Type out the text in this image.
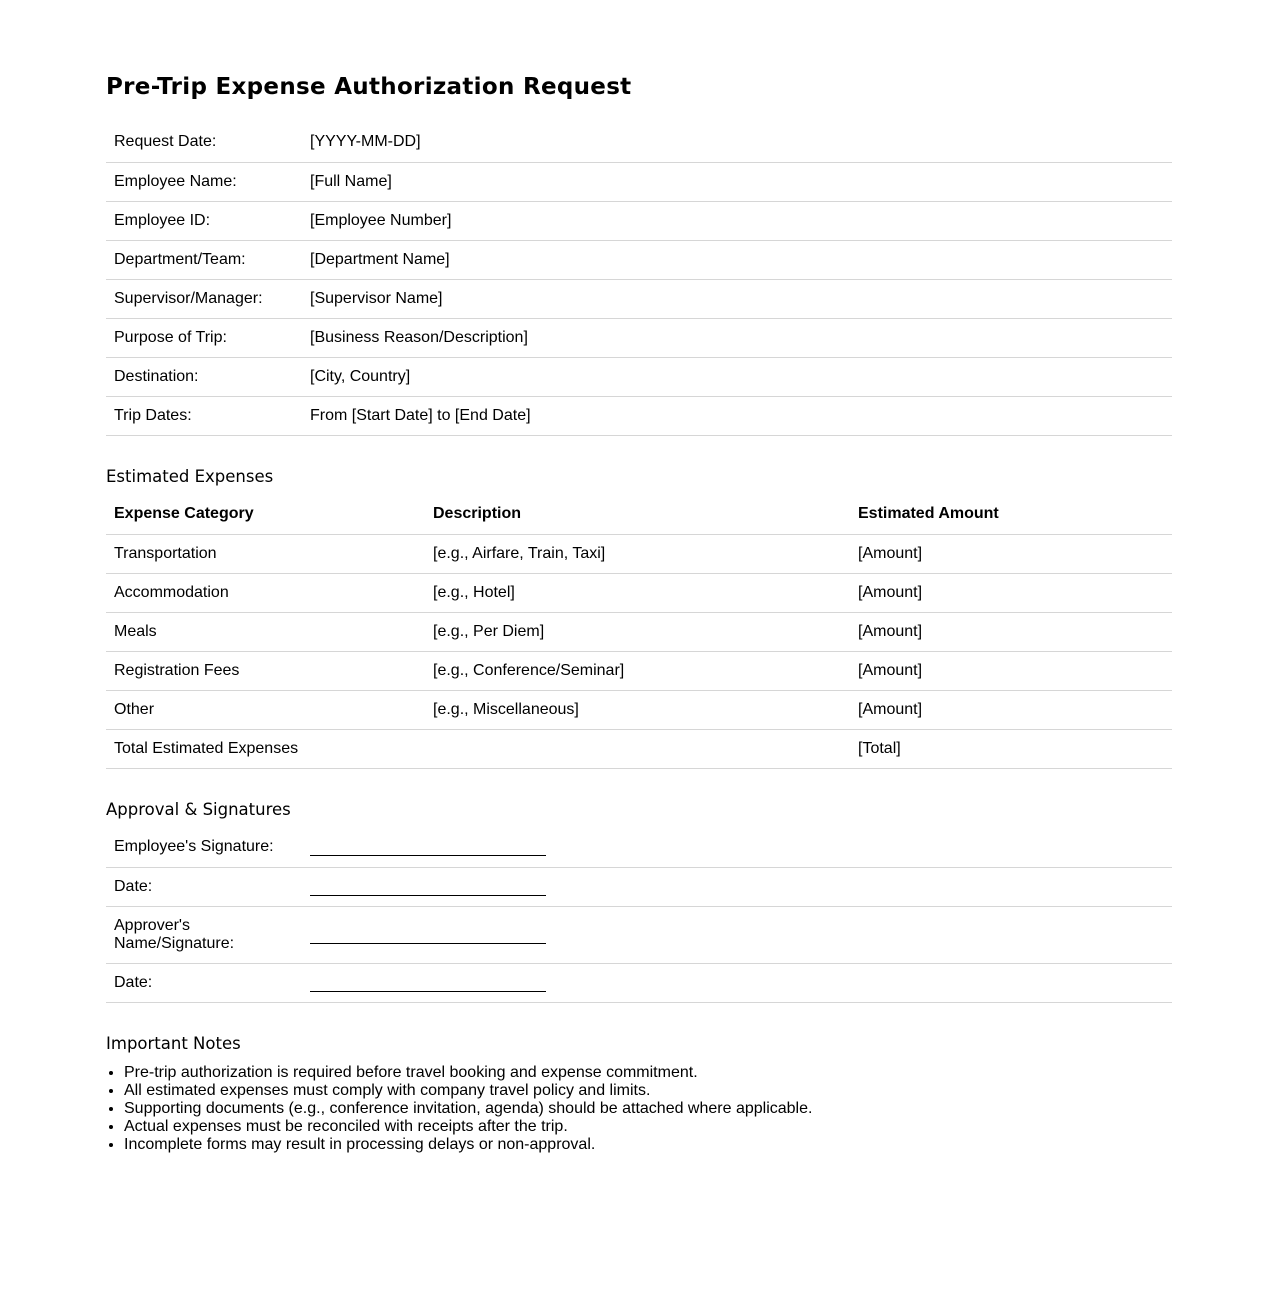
Pre-Trip Expense Authorization Request
Request Date:	[YYYY-MM-DD]
Employee Name:	[Full Name]
Employee ID:	[Employee Number]
Department/Team:	[Department Name]
Supervisor/Manager:	[Supervisor Name]
Purpose of Trip:	[Business Reason/Description]
Destination:	[City, Country]
Trip Dates:	From [Start Date] to [End Date]
Estimated Expenses
Expense Category	Description	Estimated Amount
Transportation	[e.g., Airfare, Train, Taxi]	[Amount]
Accommodation	[e.g., Hotel]	[Amount]
Meals	[e.g., Per Diem]	[Amount]
Registration Fees	[e.g., Conference/Seminar]	[Amount]
Other	[e.g., Miscellaneous]	[Amount]
Total Estimated Expenses		[Total]
Approval & Signatures
Employee's Signature:	
Date:	
Approver's
Name/Signature:	
Date:	
Important Notes
• Pre-trip authorization is required before travel booking and expense commitment.
• All estimated expenses must comply with company travel policy and limits.
• Supporting documents (e.g., conference invitation, agenda) should be attached where applicable.
• Actual expenses must be reconciled with receipts after the trip.
• Incomplete forms may result in processing delays or non-approval.
